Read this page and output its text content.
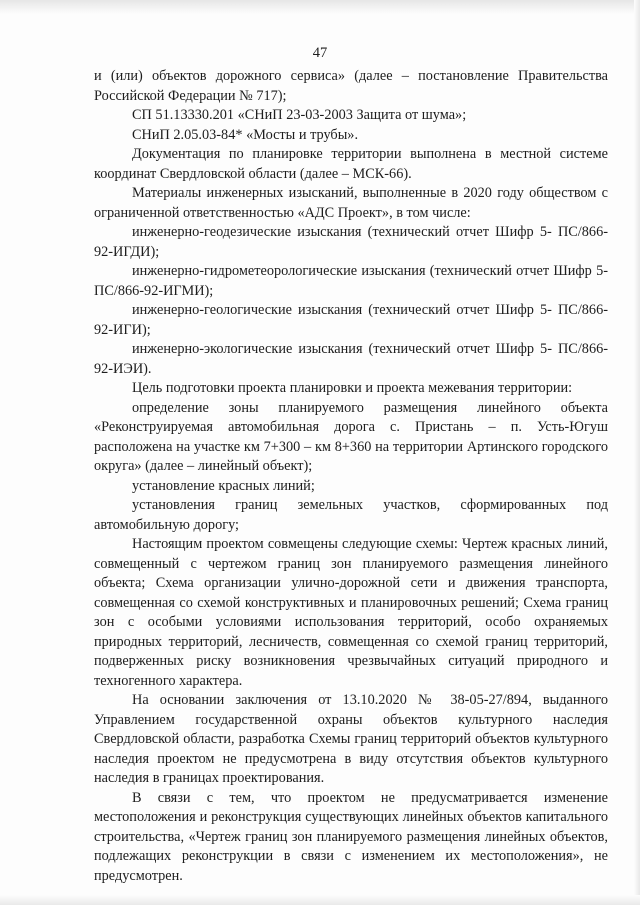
47

и (или) объектов дорожного сервиса» (далее – постановление Правительства Российской Федерации № 717);

СП 51.13330.201 «СНиП 23-03-2003 Защита от шума»;

СНиП 2.05.03-84* «Мосты и трубы».

Документация по планировке территории выполнена в местной системе координат Свердловской области (далее – МСК-66).

Материалы инженерных изысканий, выполненные в 2020 году обществом с ограниченной ответственностью «АДС Проект», в том числе:

инженерно-геодезические изыскания (технический отчет Шифр 5- ПС/866-92-ИГДИ);

инженерно-гидрометеорологические изыскания (технический отчет Шифр 5-ПС/866-92-ИГМИ);

инженерно-геологические изыскания (технический отчет Шифр 5- ПС/866-92-ИГИ);

инженерно-экологические изыскания (технический отчет Шифр 5- ПС/866-92-ИЭИ).

Цель подготовки проекта планировки и проекта межевания территории:

определение зоны планируемого размещения линейного объекта «Реконструируемая автомобильная дорога с. Пристань – п. Усть-Югуш расположена на участке км 7+300 – км 8+360 на территории Артинского городского округа» (далее – линейный объект);

установление красных линий;

установления границ земельных участков, сформированных под автомобильную дорогу;

Настоящим проектом совмещены следующие схемы: Чертеж красных линий, совмещенный с чертежом границ зон планируемого размещения линейного объекта; Схема организации улично-дорожной сети и движения транспорта, совмещенная со схемой конструктивных и планировочных решений; Схема границ зон с особыми условиями использования территорий, особо охраняемых природных территорий, лесничеств, совмещенная со схемой границ территорий, подверженных риску возникновения чрезвычайных ситуаций природного и техногенного характера.

На основании заключения от 13.10.2020 № 38-05-27/894, выданного Управлением государственной охраны объектов культурного наследия Свердловской области, разработка Схемы границ территорий объектов культурного наследия проектом не предусмотрена в виду отсутствия объектов культурного наследия в границах проектирования.

В связи с тем, что проектом не предусматривается изменение местоположения и реконструкция существующих линейных объектов капитального строительства, «Чертеж границ зон планируемого размещения линейных объектов, подлежащих реконструкции в связи с изменением их местоположения», не предусмотрен.
